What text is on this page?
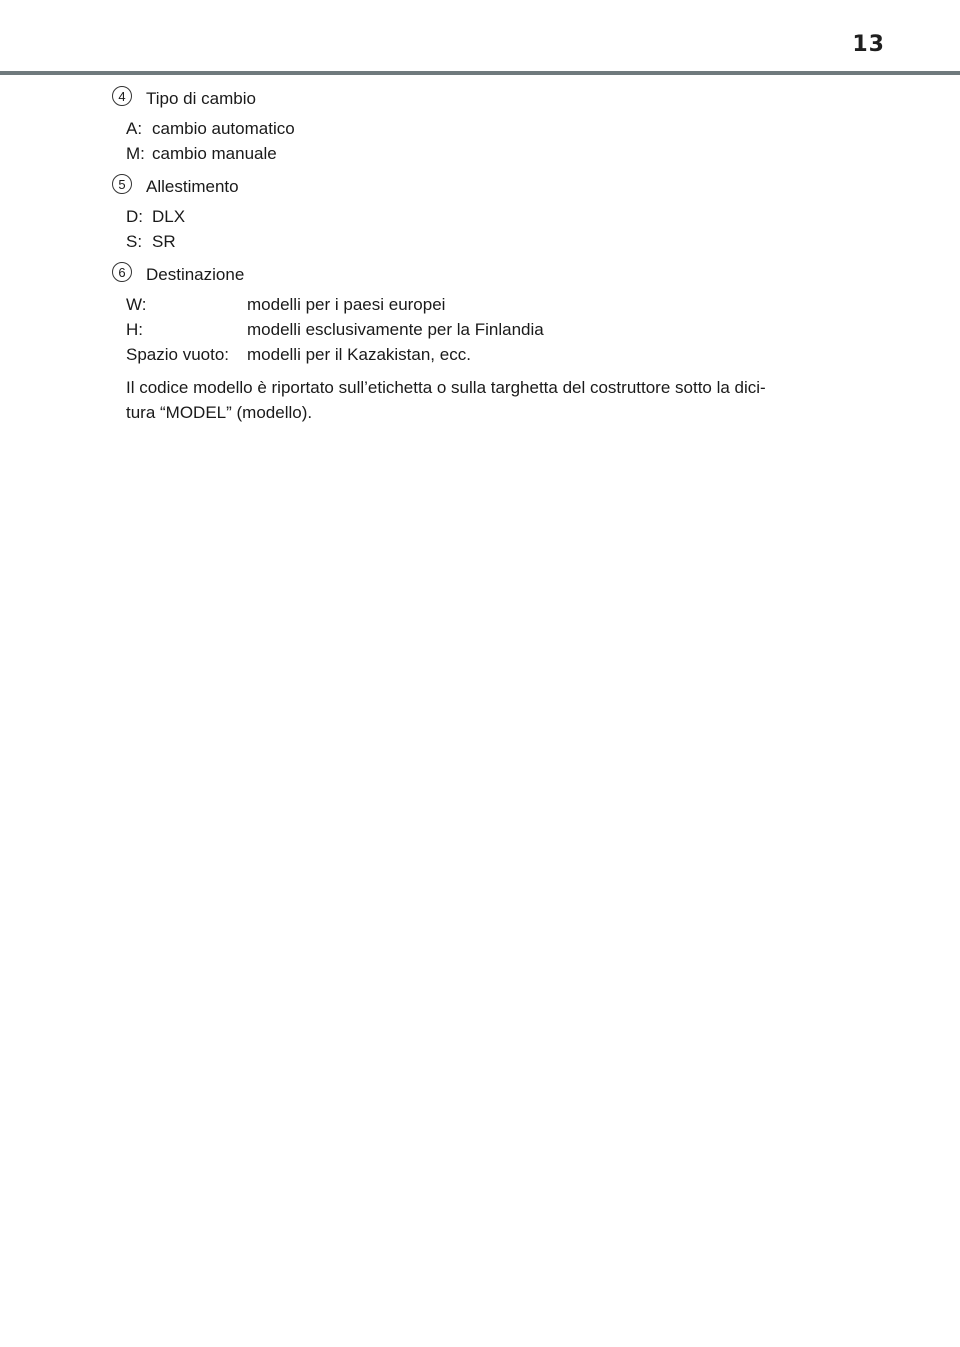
13
4	Tipo di cambio
A: cambio automatico
M: cambio manuale
5	Allestimento
D: DLX
S: SR
6	Destinazione
W:	modelli per i paesi europei
H:	modelli esclusivamente per la Finlandia
Spazio vuoto:	modelli per il Kazakistan, ecc.

Il codice modello è riportato sull’etichetta o sulla targhetta del costruttore sotto la dici-
tura “MODEL” (modello).
